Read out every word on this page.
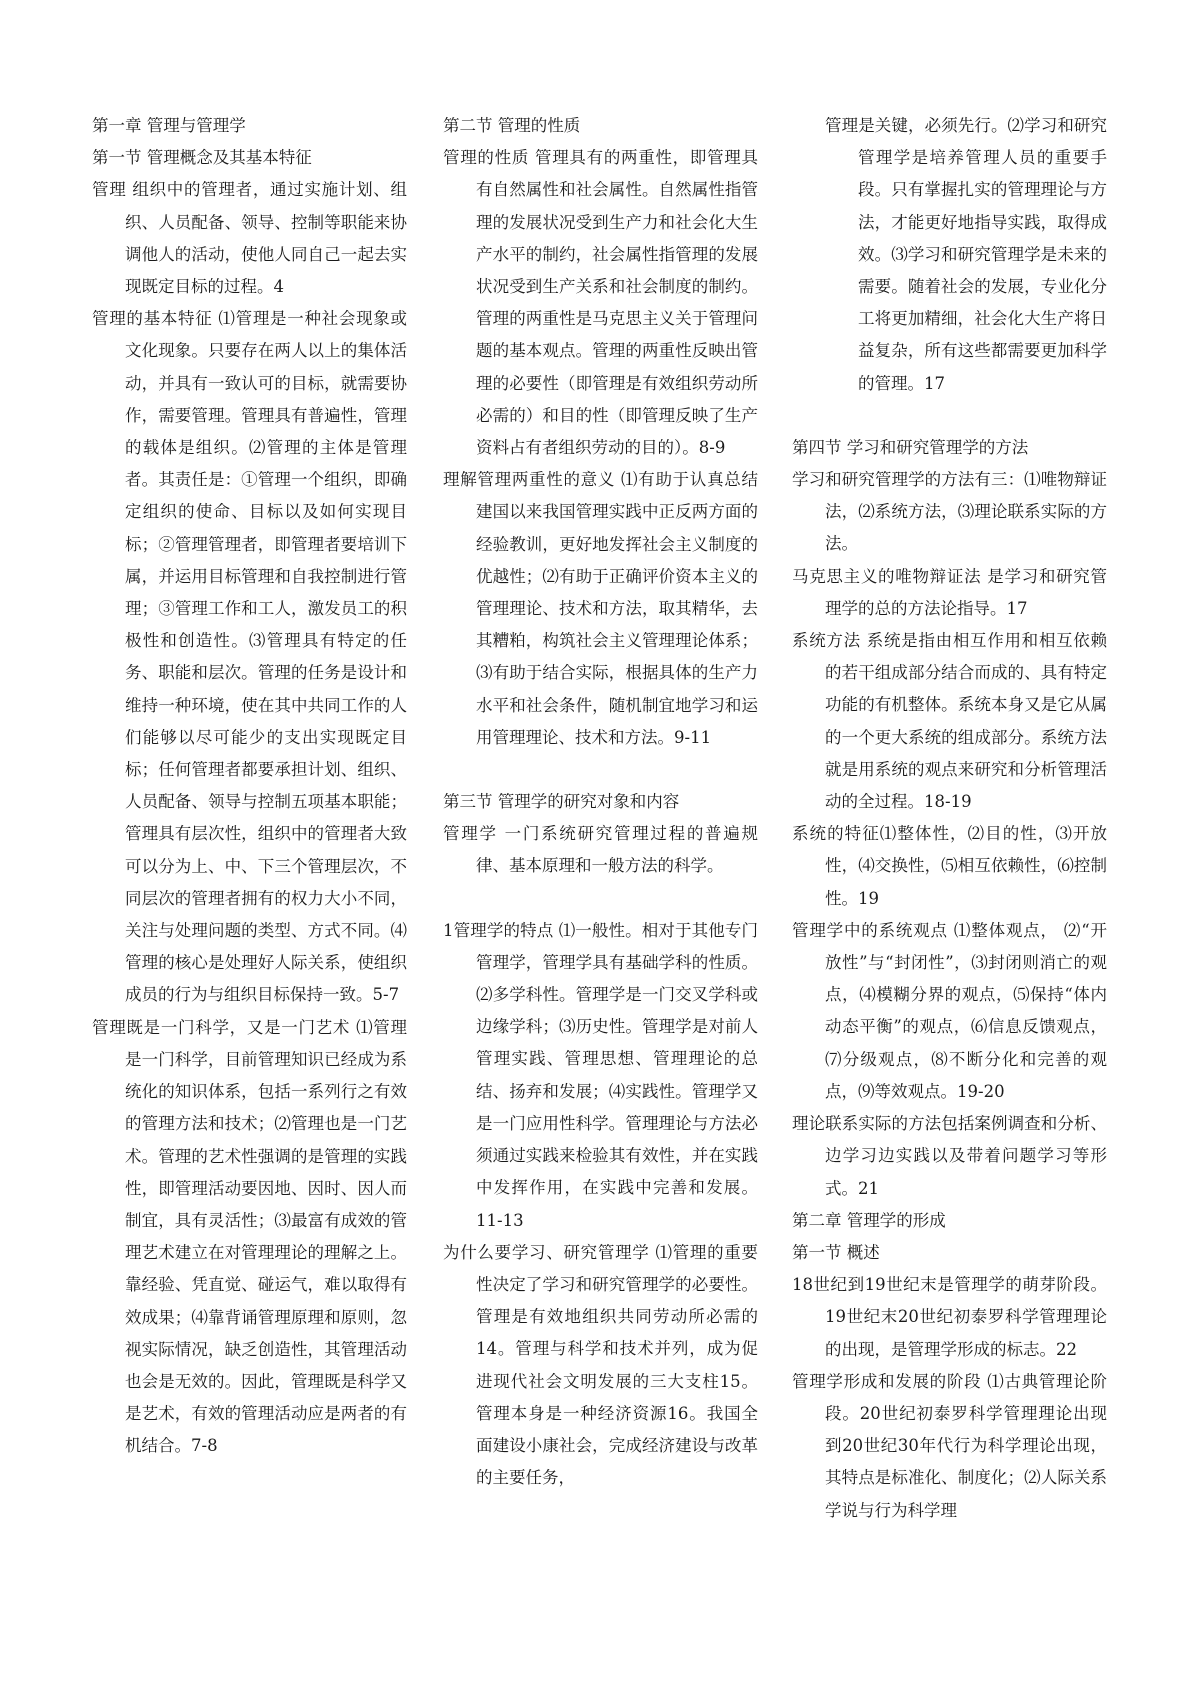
第一章 管理与管理学
第一节 管理概念及其基本特征
管理 组织中的管理者，通过实施计划、组织、人员配备、领导、控制等职能来协调他人的活动，使他人同自己一起去实现既定目标的过程。4
管理的基本特征 ⑴管理是一种社会现象或文化现象。只要存在两人以上的集体活动，并具有一致认可的目标，就需要协作，需要管理。管理具有普遍性，管理的载体是组织。⑵管理的主体是管理者。其责任是：①管理一个组织，即确定组织的使命、目标以及如何实现目标；②管理管理者，即管理者要培训下属，并运用目标管理和自我控制进行管理；③管理工作和工人，激发员工的积极性和创造性。⑶管理具有特定的任务、职能和层次。管理的任务是设计和维持一种环境，使在其中共同工作的人们能够以尽可能少的支出实现既定目标；任何管理者都要承担计划、组织、人员配备、领导与控制五项基本职能；管理具有层次性，组织中的管理者大致可以分为上、中、下三个管理层次，不同层次的管理者拥有的权力大小不同，关注与处理问题的类型、方式不同。⑷管理的核心是处理好人际关系，使组织成员的行为与组织目标保持一致。5-7
管理既是一门科学，又是一门艺术 ⑴管理是一门科学，目前管理知识已经成为系统化的知识体系，包括一系列行之有效的管理方法和技术；⑵管理也是一门艺术。管理的艺术性强调的是管理的实践性，即管理活动要因地、因时、因人而制宜，具有灵活性；⑶最富有成效的管理艺术建立在对管理理论的理解之上。靠经验、凭直觉、碰运气，难以取得有效成果；⑷靠背诵管理原理和原则，忽视实际情况，缺乏创造性，其管理活动也会是无效的。因此，管理既是科学又是艺术，有效的管理活动应是两者的有机结合。7-8
第二节 管理的性质
管理的性质 管理具有的两重性，即管理具有自然属性和社会属性。自然属性指管理的发展状况受到生产力和社会化大生产水平的制约，社会属性指管理的发展状况受到生产关系和社会制度的制约。管理的两重性是马克思主义关于管理问题的基本观点。管理的两重性反映出管理的必要性（即管理是有效组织劳动所必需的）和目的性（即管理反映了生产资料占有者组织劳动的目的）。8-9
理解管理两重性的意义 ⑴有助于认真总结建国以来我国管理实践中正反两方面的经验教训，更好地发挥社会主义制度的优越性；⑵有助于正确评价资本主义的管理理论、技术和方法，取其精华，去其糟粕，构筑社会主义管理理论体系；⑶有助于结合实际，根据具体的生产力水平和社会条件，随机制宜地学习和运用管理理论、技术和方法。9-11
第三节 管理学的研究对象和内容
管理学 一门系统研究管理过程的普遍规律、基本原理和一般方法的科学。
1管理学的特点 ⑴一般性。相对于其他专门管理学，管理学具有基础学科的性质。⑵多学科性。管理学是一门交叉学科或边缘学科；⑶历史性。管理学是对前人管理实践、管理思想、管理理论的总结、扬弃和发展；⑷实践性。管理学又是一门应用性科学。管理理论与方法必须通过实践来检验其有效性，并在实践中发挥作用，在实践中完善和发展。11-13
为什么要学习、研究管理学 ⑴管理的重要性决定了学习和研究管理学的必要性。管理是有效地组织共同劳动所必需的14。管理与科学和技术并列，成为促进现代社会文明发展的三大支柱15。管理本身是一种经济资源16。我国全面建设小康社会，完成经济建设与改革的主要任务，
管理是关键，必须先行。⑵学习和研究管理学是培养管理人员的重要手段。只有掌握扎实的管理理论与方法，才能更好地指导实践，取得成效。⑶学习和研究管理学是未来的需要。随着社会的发展，专业化分工将更加精细，社会化大生产将日益复杂，所有这些都需要更加科学的管理。17
第四节 学习和研究管理学的方法
学习和研究管理学的方法有三：⑴唯物辩证法，⑵系统方法，⑶理论联系实际的方法。
马克思主义的唯物辩证法 是学习和研究管理学的总的方法论指导。17
系统方法 系统是指由相互作用和相互依赖的若干组成部分结合而成的、具有特定功能的有机整体。系统本身又是它从属的一个更大系统的组成部分。系统方法就是用系统的观点来研究和分析管理活动的全过程。18-19
系统的特征⑴整体性，⑵目的性，⑶开放性，⑷交换性，⑸相互依赖性，⑹控制性。19
管理学中的系统观点 ⑴整体观点， ⑵“开放性”与“封闭性”，⑶封闭则消亡的观点，⑷模糊分界的观点，⑸保持“体内动态平衡”的观点，⑹信息反馈观点，⑺分级观点，⑻不断分化和完善的观点，⑼等效观点。19-20
理论联系实际的方法包括案例调查和分析、边学习边实践以及带着问题学习等形式。21
第二章 管理学的形成
第一节 概述
18世纪到19世纪末是管理学的萌芽阶段。19世纪末20世纪初泰罗科学管理理论的出现，是管理学形成的标志。22
管理学形成和发展的阶段 ⑴古典管理论阶段。20世纪初泰罗科学管理理论出现到20世纪30年代行为科学理论出现，其特点是标准化、制度化；⑵人际关系学说与行为科学理
